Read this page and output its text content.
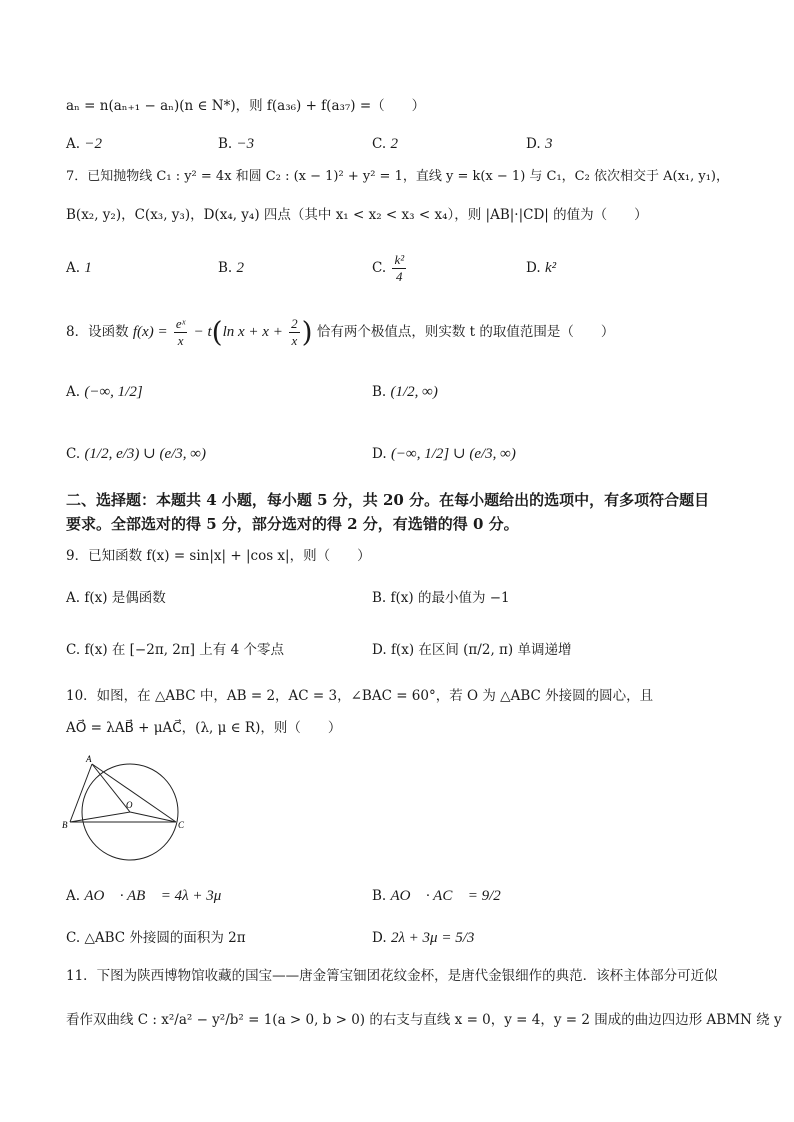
aₙ = n(aₙ₊₁ − aₙ)(n ∈ N*)，则 f(a₃₆) + f(a₃₇) =（　　）
A. −2	B. −3	C. 2	D. 3
7．已知抛物线 C₁ : y² = 4x 和圆 C₂ : (x − 1)² + y² = 1，直线 y = k(x − 1) 与 C₁，C₂ 依次相交于 A(x₁, y₁)，
B(x₂, y₂)，C(x₃, y₃)，D(x₄, y₄) 四点（其中 x₁ < x₂ < x₃ < x₄），则 |AB|·|CD| 的值为（　　）
A. 1	B. 2	C. $\frac{\text{k²}}{4}$	D. k²
8．设函数 $f(x) = \frac{\text{eˣ}}{x} - t(\ln$ $x + x + \frac{2}{x}$ ) 恰有两个极值点，则实数 t 的取值范围是（　　）
A. (−∞, 1/2]	B. (1/2, ∞)
C. (1/2, e/3) ∪ (e/3, ∞)	D. (−∞, 1/2] ∪ (e/3, ∞)
二、选择题：本题共 4 小题，每小题 5 分，共 20 分。在每小题给出的选项中，有多项符合题目
要求。全部选对的得 5 分，部分选对的得 2 分，有选错的得 0 分。
9．已知函数 f(x) = sin|x| + |cos x|，则（　　）
A. f(x) 是偶函数	B. f(x) 的最小值为 −1
C. f(x) 在 [−2π, 2π] 上有 4 个零点	D. f(x) 在区间 (π/2, π) 单调递增
10．如图，在 △ABC 中，AB = 2，AC = 3，∠BAC = 60°，若 O 为 △ABC 外接圆的圆心，且
AO⃗ = λAB⃗ + μAC⃗，(λ, μ ∈ R)，则（　　）
A
B	C
O
A. AO⃗ · AB⃗ = 4λ + 3μ	B. AO⃗ · AC⃗ = 9/2
C. △ABC 外接圆的面积为 2π	D. 2λ + 3μ = 5/3
11．下图为陕西博物馆收藏的国宝——唐金箐宝钿团花纹金杯，是唐代金银细作的典范．该杯主体部分可近似
看作双曲线 C : x²/a² − y²/b² = 1(a > 0, b > 0) 的右支与直线 x = 0，y = 4，y = 2 围成的曲边四边形 ABMN 绕 y
